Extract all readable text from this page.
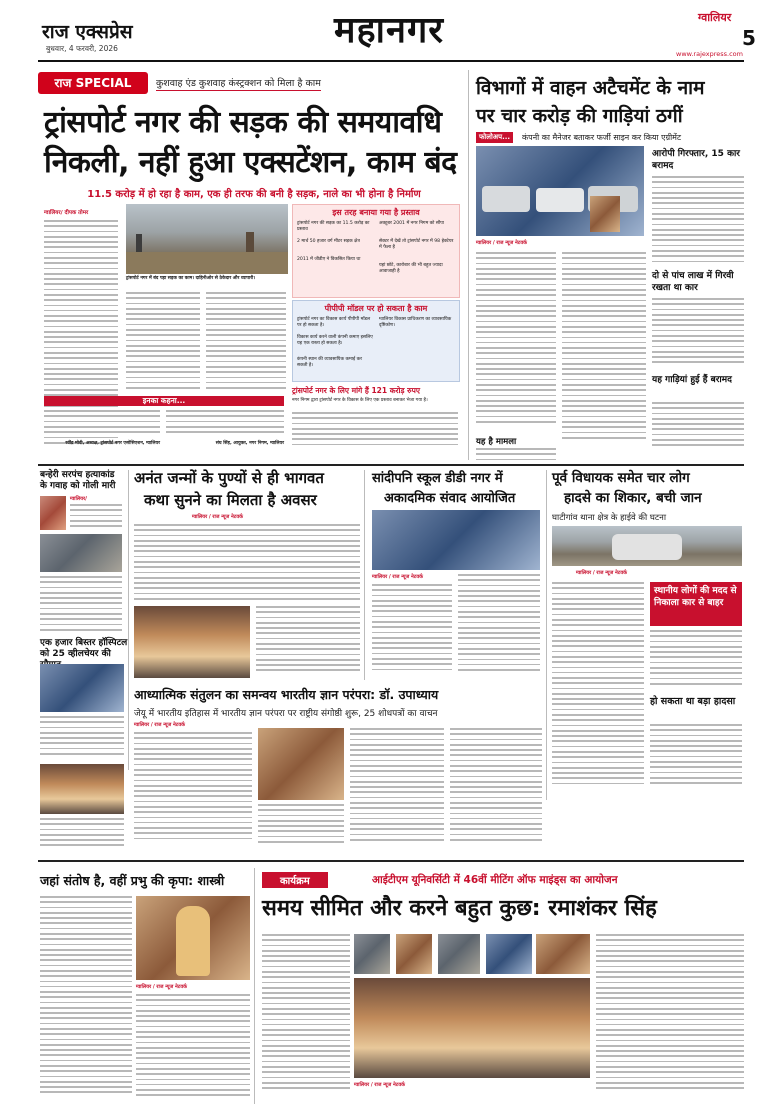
राज एक्सप्रेस
बुधवार, 4 फरवरी, 2026	महानगर	ग्वालियर
5
www.rajexpress.com
राज SPECIAL	कुशवाह एंड कुशवाह कंस्ट्रक्शन को मिला है काम
ट्रांसपोर्ट नगर की सड़क की समयावधि
निकली, नहीं हुआ एक्सटेंशन, काम बंद
11.5 करोड़ में हो रहा है काम, एक ही तरफ की बनी है सड़क, नाले का भी होना है निर्माण
ग्वालियर/ दीपक तोमर
ट्रांसपोर्ट नगर में बंद पड़ा सड़क का काम। दाहिनीओर से ठेकेदार और व्यापारी।
इस तरह बनाया गया है प्रस्ताव
ट्रांसपोर्ट नगर की सड़क का 11.5 करोड़ का प्रस्ताव
2 मार्च 50 हजार वर्ग मीटर सड़क क्षेत्र
2011 में जीडीए ने विकसित किया था
अक्टूबर 2001 में नगर निगम को सौंपा
सेक्टर में देखें तो ट्रांसपोर्ट नगर में 98 हेक्टेयर में फैला है
यहां छोटे, कारोबार की भी बहुत ज्यादा आवाजाही है
पीपीपी मॉडल पर हो सकता है काम
ट्रांसपोर्ट नगर का विकास कार्य पीपीपी मॉडल पर हो सकता है।
विकास कार्य करने वाली कंपनी कमाए इसलिए यह एक रास्ता हो सकता है।
कंपनी स्थान की व्यावसायिक कमाई कर सकती है।
ग्वालियर विकास प्राधिकरण का व्यावसायिक दृष्टिकोण।
इनका कहना...
रवींद्र मोदी, अध्यक्ष, ट्रांसपोर्ट नगर एसोसिएशन, ग्वालियर	संघ सिंह, आयुक्त, नगर निगम, ग्वालियर
ट्रांसपोर्ट नगर के लिए मांगे हैं 121 करोड़ रुपए
नगर निगम द्वारा ट्रांसपोर्ट नगर के विकास के लिए एक प्रस्ताव बनाकर भेजा गया है।
विभागों में वाहन अटैचमेंट के नाम
पर चार करोड़ की गाड़ियां ठगीं
फोलोअप...	कंपनी का मैनेजर बताकर फर्जी साइन कर किया एग्रीमेंट
आरोपी गिरफ्तार, 15 कार बरामद
दो से पांच लाख में गिरवी रखता था कार
यह गाड़ियां हुई हैं बरामद
ग्वालियर / राज न्यूज नेटवर्क
यह है मामला
बन्हेरी सरपंच हत्याकांड के गवाह को गोली मारी
ग्वालियर/
एक हजार बिस्तर हॉस्पिटल को 25 व्हीलचेयर की
अनंत जन्मों के पुण्यों से ही भागवत
कथा सुनने का मिलता है अवसर
ग्वालियर / राज न्यूज नेटवर्क
सांदीपनि स्कूल डीडी नगर में
अकादमिक संवाद आयोजित
ग्वालियर / राज न्यूज नेटवर्क
पूर्व विधायक समेत चार लोग
हादसे का शिकार, बची जान
घाटीगांव थाना क्षेत्र के हाईवे की घटना
ग्वालियर / राज न्यूज नेटवर्क
स्थानीय लोगों की मदद से निकाला कार से बाहर
हो सकता था बड़ा हादसा
आध्यात्मिक संतुलन का समन्वय भारतीय ज्ञान परंपरा: डॉ. उपाध्याय
जेयू में भारतीय इतिहास में भारतीय ज्ञान परंपरा पर राष्ट्रीय संगोष्ठी शुरू, 25 शोधपत्रों का वाचन
ग्वालियर / राज न्यूज नेटवर्क
जहां संतोष है, वहीं प्रभु की कृपा: शास्त्री
ग्वालियर / राज न्यूज नेटवर्क
कार्यक्रम	आईटीएम यूनिवर्सिटी में 46वीं मीटिंग ऑफ माइंड्स का आयोजन
समय सीमित और करने बहुत कुछ: रमाशंकर सिंह
ग्वालियर / राज न्यूज नेटवर्क
